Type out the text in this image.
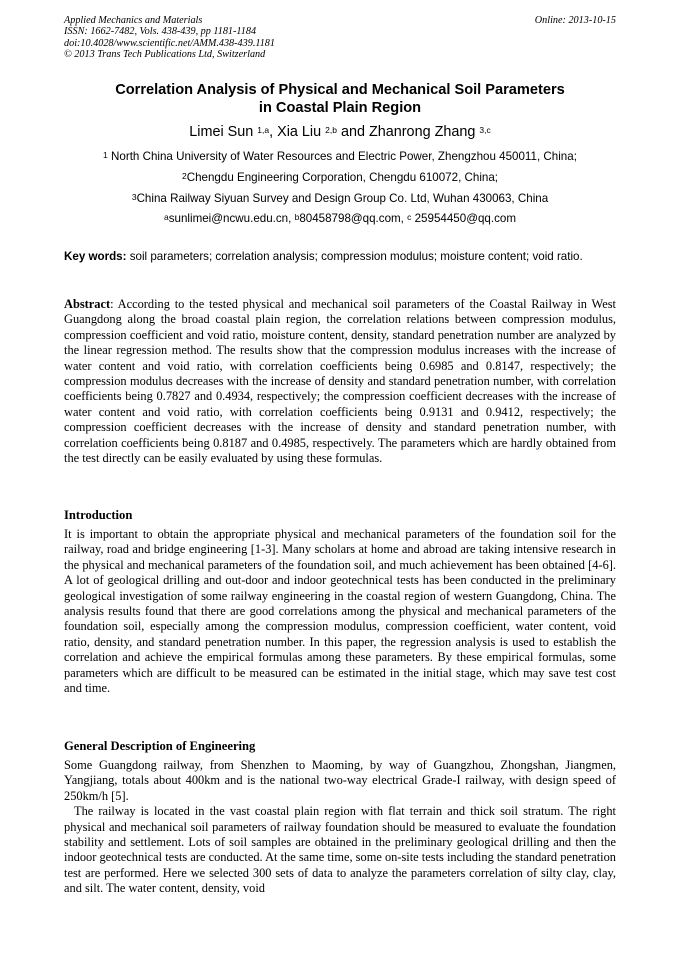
Applied Mechanics and Materials
ISSN: 1662-7482, Vols. 438-439, pp 1181-1184
doi:10.4028/www.scientific.net/AMM.438-439.1181
© 2013 Trans Tech Publications Ltd, Switzerland
Online: 2013-10-15
Correlation Analysis of Physical and Mechanical Soil Parameters
in Coastal Plain Region
Limei Sun $^{1,a}$, Xia Liu $^{2,b}$ and Zhanrong Zhang $^{3,c}$
$^1$ North China University of Water Resources and Electric Power, Zhengzhou 450011, China;
$^2$Chengdu Engineering Corporation, Chengdu 610072, China;
$^3$China Railway Siyuan Survey and Design Group Co. Ltd, Wuhan 430063, China
$^a$sunlimei@ncwu.edu.cn, $^b$80458798@qq.com, $^c$ 25954450@qq.com
Key words: soil parameters; correlation analysis; compression modulus; moisture content; void ratio.
Abstract: According to the tested physical and mechanical soil parameters of the Coastal Railway in West Guangdong along the broad coastal plain region, the correlation relations between compression modulus, compression coefficient and void ratio, moisture content, density, standard penetration number are analyzed by the linear regression method. The results show that the compression modulus increases with the increase of water content and void ratio, with correlation coefficients being 0.6985 and 0.8147, respectively; the compression modulus decreases with the increase of density and standard penetration number, with correlation coefficients being 0.7827 and 0.4934, respectively; the compression coefficient decreases with the increase of water content and void ratio, with correlation coefficients being 0.9131 and 0.9412, respectively; the compression coefficient decreases with the increase of density and standard penetration number, with correlation coefficients being 0.8187 and 0.4985, respectively. The parameters which are hardly obtained from the test directly can be easily evaluated by using these formulas.
Introduction
It is important to obtain the appropriate physical and mechanical parameters of the foundation soil for the railway, road and bridge engineering [1-3]. Many scholars at home and abroad are taking intensive research in the physical and mechanical parameters of the foundation soil, and much achievement has been obtained [4-6]. A lot of geological drilling and out-door and indoor geotechnical tests has been conducted in the preliminary geological investigation of some railway engineering in the coastal region of western Guangdong, China. The analysis results found that there are good correlations among the physical and mechanical parameters of the foundation soil, especially among the compression modulus, compression coefficient, water content, void ratio, density, and standard penetration number. In this paper, the regression analysis is used to establish the correlation and achieve the empirical formulas among these parameters. By these empirical formulas, some parameters which are difficult to be measured can be estimated in the initial stage, which may save test cost and time.
General Description of Engineering

Some Guangdong railway, from Shenzhen to Maoming, by way of Guangzhou, Zhongshan, Jiangmen, Yangjiang, totals about 400km and is the national two-way electrical Grade-I railway, with design speed of 250km/h [5].

The railway is located in the vast coastal plain region with flat terrain and thick soil stratum. The right physical and mechanical soil parameters of railway foundation should be measured to evaluate the foundation stability and settlement. Lots of soil samples are obtained in the preliminary geological drilling and then the indoor geotechnical tests are conducted. At the same time, some on-site tests including the standard penetration test are performed. Here we selected 300 sets of data to analyze the parameters correlation of silty clay, clay, and silt. The water content, density, void
